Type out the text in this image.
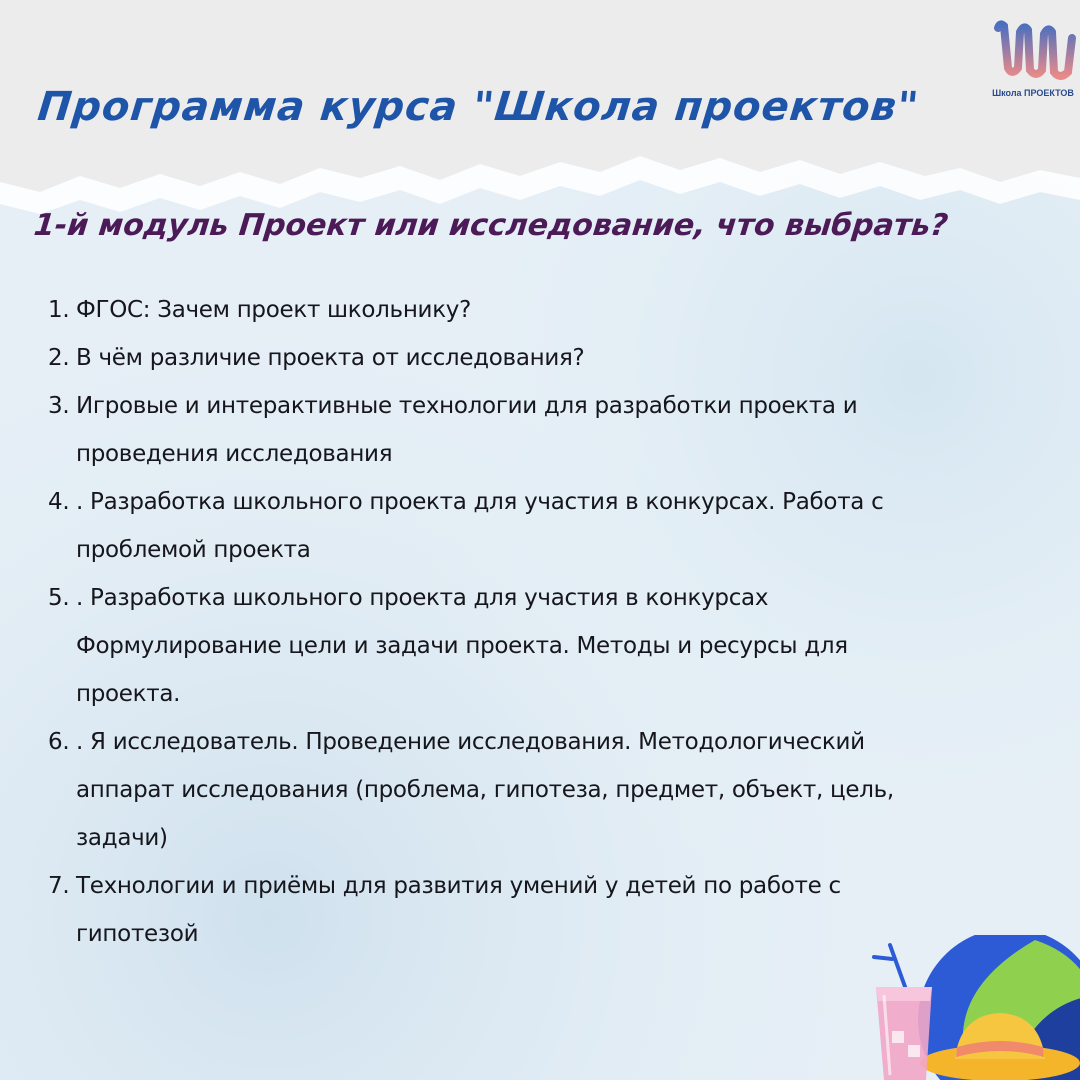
Программа курса "Школа проектов"	Школа ПРОЕКТОВ
1-й модуль Проект или исследование, что выбрать?
1. ФГОС: Зачем проект школьнику?
2. В чём различие проекта от исследования?
3. Игровые и интерактивные технологии для разработки проекта и
проведения исследования
4. . Разработка школьного проекта для участия в конкурсах. Работа с
проблемой проекта
5. . Разработка школьного проекта для участия в конкурсах
Формулирование цели и задачи проекта. Методы и ресурсы для
проекта.
6. . Я исследователь. Проведение исследования. Методологический
аппарат исследования (проблема, гипотеза, предмет, объект, цель,
задачи)
7. Технологии и приёмы для развития умений у детей по работе с
гипотезой
